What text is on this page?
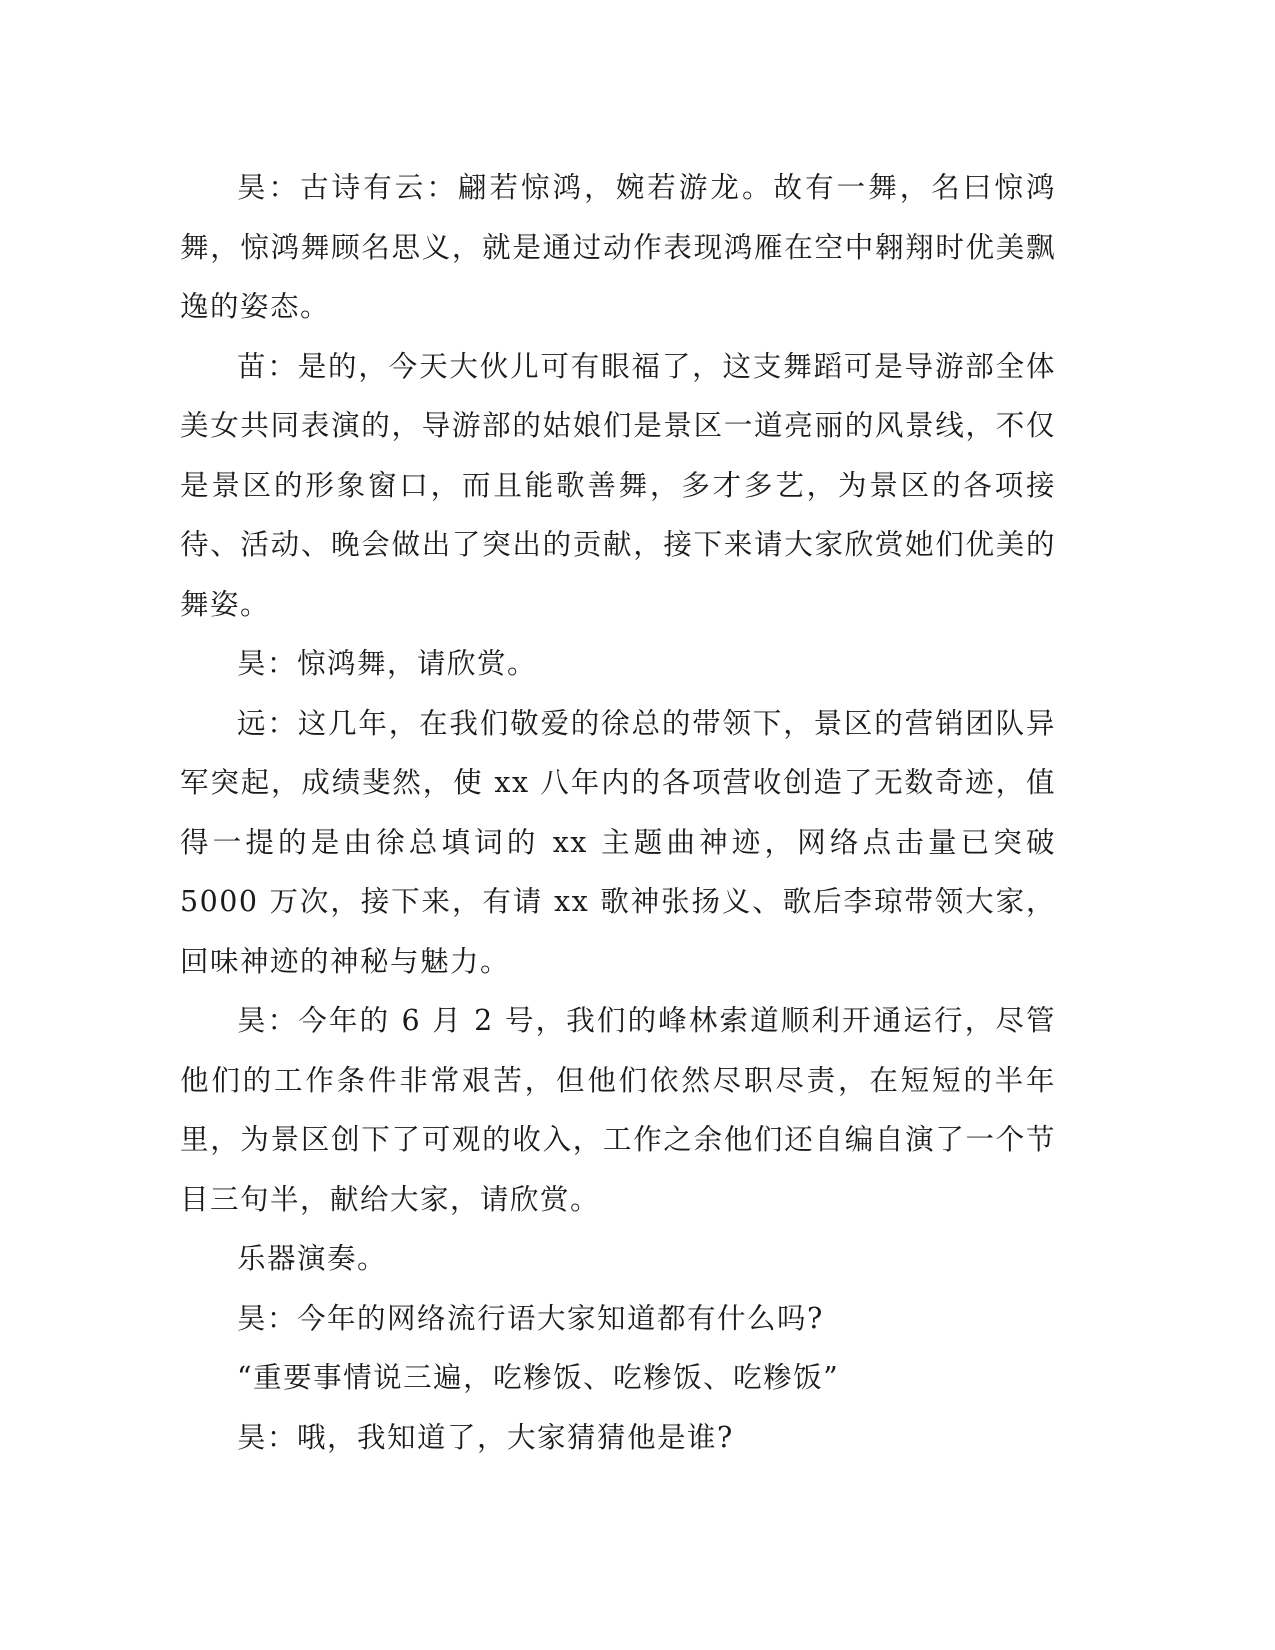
昊：古诗有云：翩若惊鸿，婉若游龙。故有一舞，名曰惊鸿舞，惊鸿舞顾名思义，就是通过动作表现鸿雁在空中翱翔时优美飘逸的姿态。

苗：是的，今天大伙儿可有眼福了，这支舞蹈可是导游部全体美女共同表演的，导游部的姑娘们是景区一道亮丽的风景线，不仅是景区的形象窗口，而且能歌善舞，多才多艺，为景区的各项接待、活动、晚会做出了突出的贡献，接下来请大家欣赏她们优美的舞姿。

昊：惊鸿舞，请欣赏。

远：这几年，在我们敬爱的徐总的带领下，景区的营销团队异军突起，成绩斐然，使 xx 八年内的各项营收创造了无数奇迹，值得一提的是由徐总填词的 xx 主题曲神迹，网络点击量已突破 5000 万次，接下来，有请 xx 歌神张扬义、歌后李琼带领大家，回味神迹的神秘与魅力。

昊：今年的 6 月 2 号，我们的峰林索道顺利开通运行，尽管他们的工作条件非常艰苦，但他们依然尽职尽责，在短短的半年里，为景区创下了可观的收入，工作之余他们还自编自演了一个节目三句半，献给大家，请欣赏。

乐器演奏。

昊：今年的网络流行语大家知道都有什么吗?

“重要事情说三遍，吃糁饭、吃糁饭、吃糁饭”

昊：哦，我知道了，大家猜猜他是谁?
